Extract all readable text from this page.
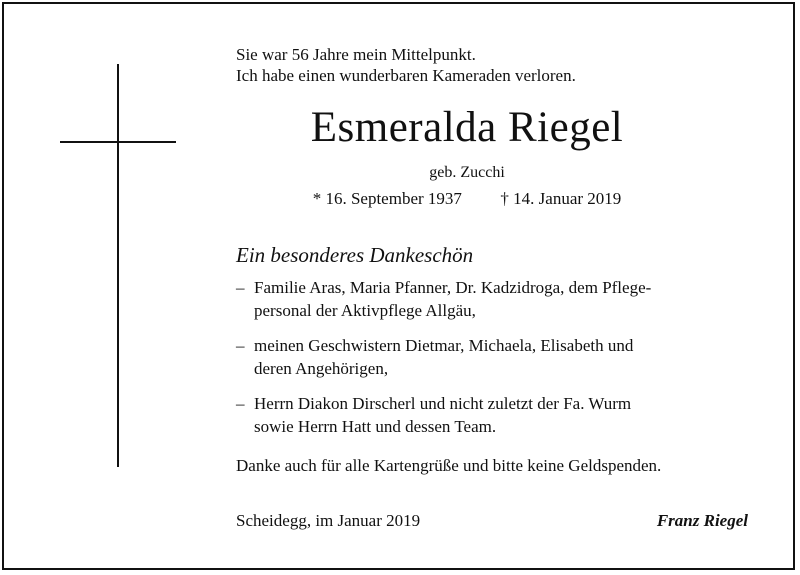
Sie war 56 Jahre mein Mittelpunkt.
Ich habe einen wunderbaren Kameraden verloren.
Esmeralda Riegel
geb. Zucchi
* 16. September 1937 † 14. Januar 2019
Ein besonderes Dankeschön
– Familie Aras, Maria Pfanner, Dr. Kadzidroga, dem Pflege-
personal der Aktivpflege Allgäu,
– meinen Geschwistern Dietmar, Michaela, Elisabeth und
deren Angehörigen,
– Herrn Diakon Dirscherl und nicht zuletzt der Fa. Wurm
sowie Herrn Hatt und dessen Team.
Danke auch für alle Kartengrüße und bitte keine Geldspenden.
Scheidegg, im Januar 2019	Franz Riegel
